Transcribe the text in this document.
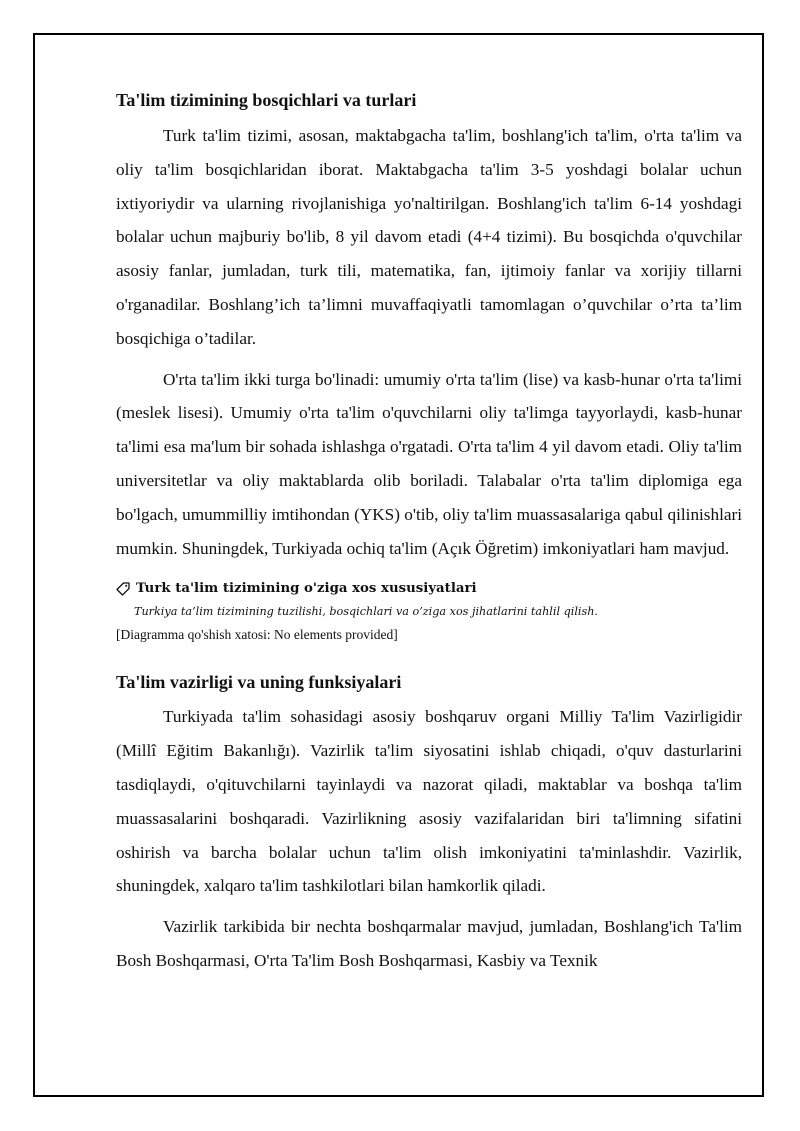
Ta'lim tizimining bosqichlari va turlari

Turk ta'lim tizimi, asosan, maktabgacha ta'lim, boshlang'ich ta'lim, o'rta ta'lim va oliy ta'lim bosqichlaridan iborat. Maktabgacha ta'lim 3-5 yoshdagi bolalar uchun ixtiyoriydir va ularning rivojlanishiga yo'naltirilgan. Boshlang'ich ta'lim 6-14 yoshdagi bolalar uchun majburiy bo'lib, 8 yil davom etadi (4+4 tizimi). Bu bosqichda o'quvchilar asosiy fanlar, jumladan, turk tili, matematika, fan, ijtimoiy fanlar va xorijiy tillarni o'rganadilar. Boshlang’ich ta’limni muvaffaqiyatli tamomlagan o’quvchilar o’rta ta’lim bosqichiga o’tadilar.

O'rta ta'lim ikki turga bo'linadi: umumiy o'rta ta'lim (lise) va kasb-hunar o'rta ta'limi (meslek lisesi). Umumiy o'rta ta'lim o'quvchilarni oliy ta'limga tayyorlaydi, kasb-hunar ta'limi esa ma'lum bir sohada ishlashga o'rgatadi. O'rta ta'lim 4 yil davom etadi. Oliy ta'lim universitetlar va oliy maktablarda olib boriladi. Talabalar o'rta ta'lim diplomiga ega bo'lgach, umummilliy imtihondan (YKS) o'tib, oliy ta'lim muassasalariga qabul qilinishlari mumkin. Shuningdek, Turkiyada ochiq ta'lim (Açık Öğretim) imkoniyatlari ham mavjud.

Turk ta'lim tizimining o'ziga xos xususiyatlari
Turkiya ta’lim tizimining tuzilishi, bosqichlari va o’ziga xos jihatlarini tahlil qilish.
[Diagramma qo'shish xatosi: No elements provided]
Ta'lim vazirligi va uning funksiyalari

Turkiyada ta'lim sohasidagi asosiy boshqaruv organi Milliy Ta'lim Vazirligidir (Millî Eğitim Bakanlığı). Vazirlik ta'lim siyosatini ishlab chiqadi, o'quv dasturlarini tasdiqlaydi, o'qituvchilarni tayinlaydi va nazorat qiladi, maktablar va boshqa ta'lim muassasalarini boshqaradi. Vazirlikning asosiy vazifalaridan biri ta'limning sifatini oshirish va barcha bolalar uchun ta'lim olish imkoniyatini ta'minlashdir. Vazirlik, shuningdek, xalqaro ta'lim tashkilotlari bilan hamkorlik qiladi.

Vazirlik tarkibida bir nechta boshqarmalar mavjud, jumladan, Boshlang'ich Ta'lim Bosh Boshqarmasi, O'rta Ta'lim Bosh Boshqarmasi, Kasbiy va Texnik
